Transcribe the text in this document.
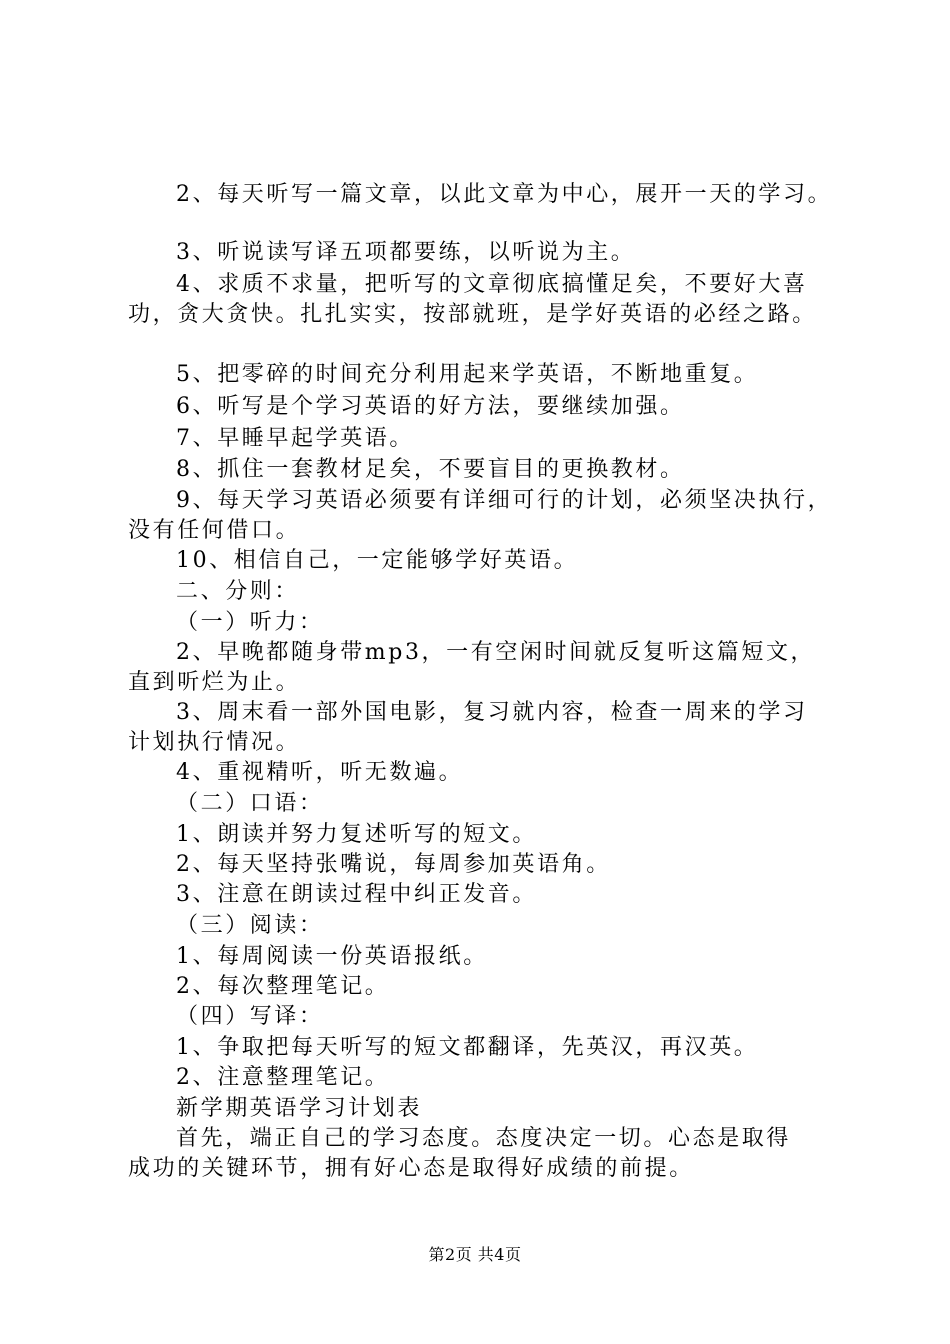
2、每天听写一篇文章，以此文章为中心，展开一天的学习。
3、听说读写译五项都要练，以听说为主。
4、求质不求量，把听写的文章彻底搞懂足矣，不要好大喜
功，贪大贪快。扎扎实实，按部就班，是学好英语的必经之路。
5、把零碎的时间充分利用起来学英语，不断地重复。
6、听写是个学习英语的好方法，要继续加强。
7、早睡早起学英语。
8、抓住一套教材足矣，不要盲目的更换教材。
9、每天学习英语必须要有详细可行的计划，必须坚决执行，
没有任何借口。
10、相信自己，一定能够学好英语。
二、分则：
（一）听力：
2、早晚都随身带mp3，一有空闲时间就反复听这篇短文，
直到听烂为止。
3、周末看一部外国电影，复习就内容，检查一周来的学习
计划执行情况。
4、重视精听，听无数遍。
（二）口语：
1、朗读并努力复述听写的短文。
2、每天坚持张嘴说，每周参加英语角。
3、注意在朗读过程中纠正发音。
（三）阅读：
1、每周阅读一份英语报纸。
2、每次整理笔记。
（四）写译：
1、争取把每天听写的短文都翻译，先英汉，再汉英。
2、注意整理笔记。
新学期英语学习计划表
首先，端正自己的学习态度。态度决定一切。心态是取得
成功的关键环节，拥有好心态是取得好成绩的前提。
第2页 共4页
